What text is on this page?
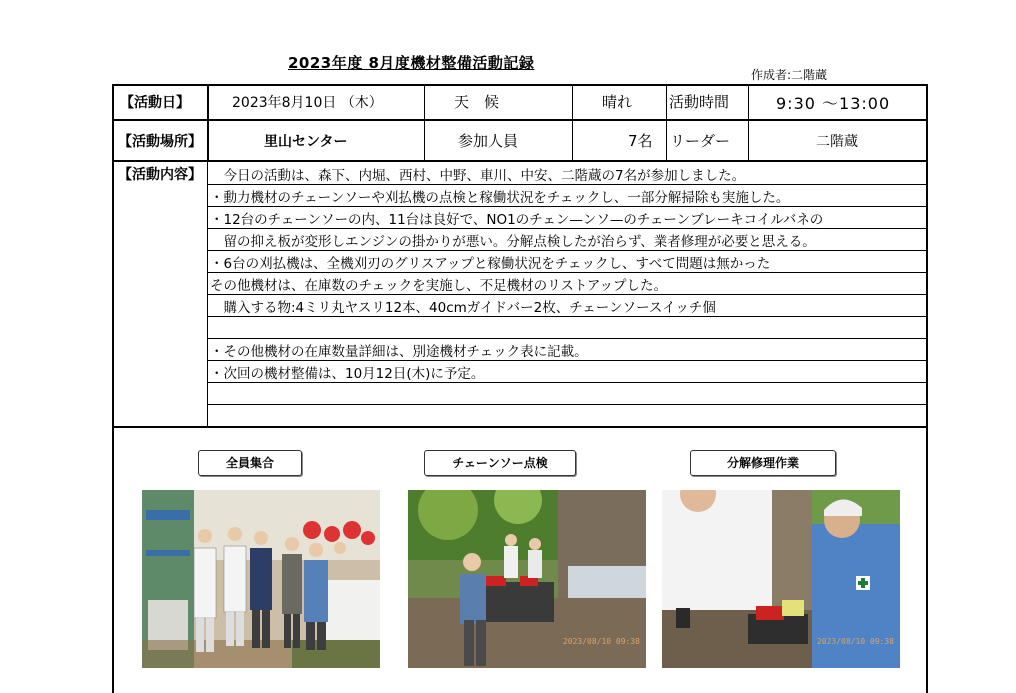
2023年度 8月度機材整備活動記録
作成者:二階蔵
【活動日】	2023年8月10日 （木）	天　候	晴れ 活動時間	9:30 〜13:00
【活動場所】	里山センター	参加人員	7名 リーダー	二階蔵
【活動内容】
全員集合	チェーンソー点検	分解修理作業
2023/08/10 09:38	2023/08/10 09:38
　今日の活動は、森下、内堀、西村、中野、車川、中安、二階蔵の7名が参加しました。
・動力機材のチェーンソーや刈払機の点検と稼働状況をチェックし、一部分解掃除も実施した。
・12台のチェーンソーの内、11台は良好で、NO1のチェン—ンソ—のチェーンブレーキコイルバネの
　留の抑え板が変形しエンジンの掛かりが悪い。分解点検したが治らず、業者修理が必要と思える。
・6台の刈払機は、全機刈刃のグリスアップと稼働状況をチェックし、すべて問題は無かった
その他機材は、在庫数のチェックを実施し、不足機材のリストアップした。
　購入する物:4ミリ丸ヤスリ12本、40cmガイドバー2枚、チェーンソースイッチ個
・その他機材の在庫数量詳細は、別途機材チェック表に記載。
・次回の機材整備は、10月12日(木)に予定。
